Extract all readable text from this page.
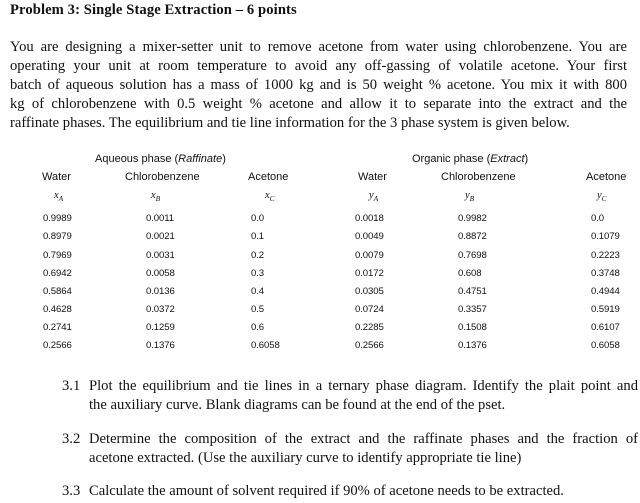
Problem 3: Single Stage Extraction – 6 points
You are designing a mixer-setter unit to remove acetone from water using chlorobenzene. You are
operating your unit at room temperature to avoid any off-gassing of volatile acetone. Your first
batch of aqueous solution has a mass of 1000 kg and is 50 weight % acetone. You mix it with 800
kg of chlorobenzene with 0.5 weight % acetone and allow it to separate into the extract and the
raffinate phases. The equilibrium and tie line information for the 3 phase system is given below.
Aqueous phase (Raffinate)	Organic phase (Extract)
Water	Chlorobenzene	Acetone	Water	Chlorobenzene	Acetone
$x_A$	$x_B$	$x_C$	$y_A$	$y_B$	$y_C$
0.9989	0.0011	0.0	0.0018	0.9982	0.0
0.8979	0.0021	0.1	0.0049	0.8872	0.1079
0.7969	0.0031	0.2	0.0079	0.7698	0.2223
0.6942	0.0058	0.3	0.0172	0.608	0.3748
0.5864	0.0136	0.4	0.0305	0.4751	0.4944
0.4628	0.0372	0.5	0.0724	0.3357	0.5919
0.2741	0.1259	0.6	0.2285	0.1508	0.6107
0.2566	0.1376	0.6058	0.2566	0.1376	0.6058
3.1 Plot the equilibrium and tie lines in a ternary phase diagram. Identify the plait point and
the auxiliary curve. Blank diagrams can be found at the end of the pset.
3.2 Determine the composition of the extract and the raffinate phases and the fraction of
acetone extracted. (Use the auxiliary curve to identify appropriate tie line)
3.3 Calculate the amount of solvent required if 90% of acetone needs to be extracted.
